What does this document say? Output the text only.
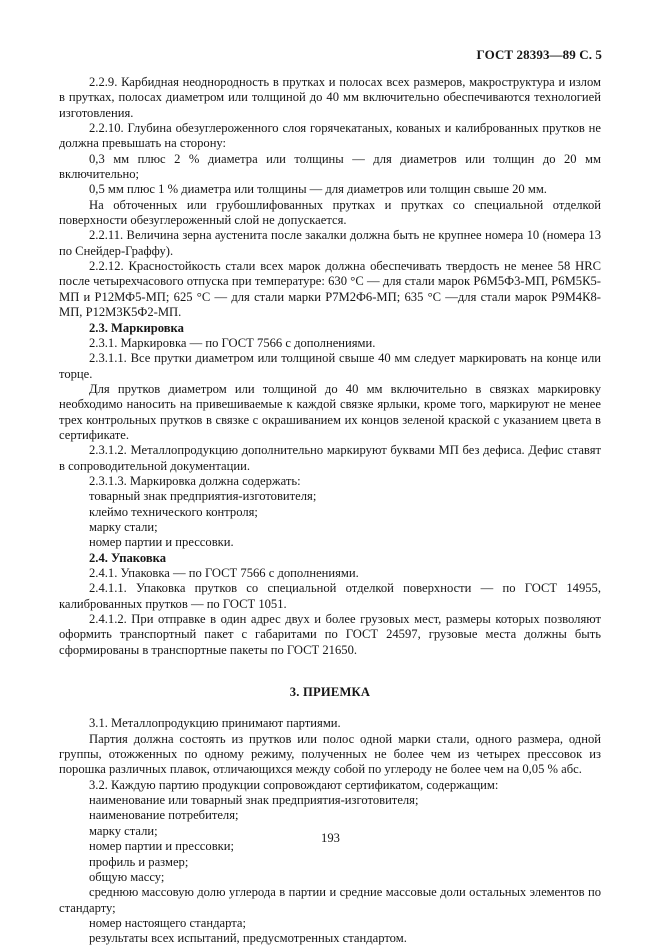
ГОСТ 28393—89 С. 5

2.2.9. Карбидная неоднородность в прутках и полосах всех размеров, макроструктура и излом в прутках, полосах диаметром или толщиной до 40 мм включительно обеспечиваются технологией изготовления.

2.2.10. Глубина обезуглероженного слоя горячекатаных, кованых и калиброванных прутков не должна превышать на сторону:

0,3 мм плюс 2 % диаметра или толщины — для диаметров или толщин до 20 мм включительно;

0,5 мм плюс 1 % диаметра или толщины — для диаметров или толщин свыше 20 мм.

На обточенных или грубошлифованных прутках и прутках со специальной отделкой поверхности обезуглероженный слой не допускается.

2.2.11. Величина зерна аустенита после закалки должна быть не крупнее номера 10 (номера 13 по Снейдер-Граффу).

2.2.12. Красностойкость стали всех марок должна обеспечивать твердость не менее 58 HRC после четырехчасового отпуска при температуре: 630 °С — для стали марок Р6М5Ф3-МП, Р6М5К5-МП и Р12МФ5-МП; 625 °С — для стали марки Р7М2Ф6-МП; 635 °С —для стали марок Р9М4К8-МП, Р12М3К5Ф2-МП.

2.3. Маркировка

2.3.1. Маркировка — по ГОСТ 7566 с дополнениями.

2.3.1.1. Все прутки диаметром или толщиной свыше 40 мм следует маркировать на конце или торце.

Для прутков диаметром или толщиной до 40 мм включительно в связках маркировку необходимо наносить на привешиваемые к каждой связке ярлыки, кроме того, маркируют не менее трех контрольных прутков в связке с окрашиванием их концов зеленой краской с указанием цвета в сертификате.

2.3.1.2. Металлопродукцию дополнительно маркируют буквами МП без дефиса. Дефис ставят в сопроводительной документации.

2.3.1.3. Маркировка должна содержать:

товарный знак предприятия-изготовителя;

клеймо технического контроля;

марку стали;

номер партии и прессовки.

2.4. Упаковка

2.4.1. Упаковка — по ГОСТ 7566 с дополнениями.

2.4.1.1. Упаковка прутков со специальной отделкой поверхности — по ГОСТ 14955, калиброванных прутков — по ГОСТ 1051.

2.4.1.2. При отправке в один адрес двух и более грузовых мест, размеры которых позволяют оформить транспортный пакет с габаритами по ГОСТ 24597, грузовые места должны быть сформированы в транспортные пакеты по ГОСТ 21650.

3. ПРИЕМКА

3.1. Металлопродукцию принимают партиями.

Партия должна состоять из прутков или полос одной марки стали, одного размера, одной группы, отожженных по одному режиму, полученных не более чем из четырех прессовок из порошка различных плавок, отличающихся между собой по углероду не более чем на 0,05 % абс.

3.2. Каждую партию продукции сопровождают сертификатом, содержащим:

наименование или товарный знак предприятия-изготовителя;

наименование потребителя;

марку стали;

номер партии и прессовки;

профиль и размер;

общую массу;

среднюю массовую долю углерода в партии и средние массовые доли остальных элементов по стандарту;

номер настоящего стандарта;

результаты всех испытаний, предусмотренных стандартом.

193
